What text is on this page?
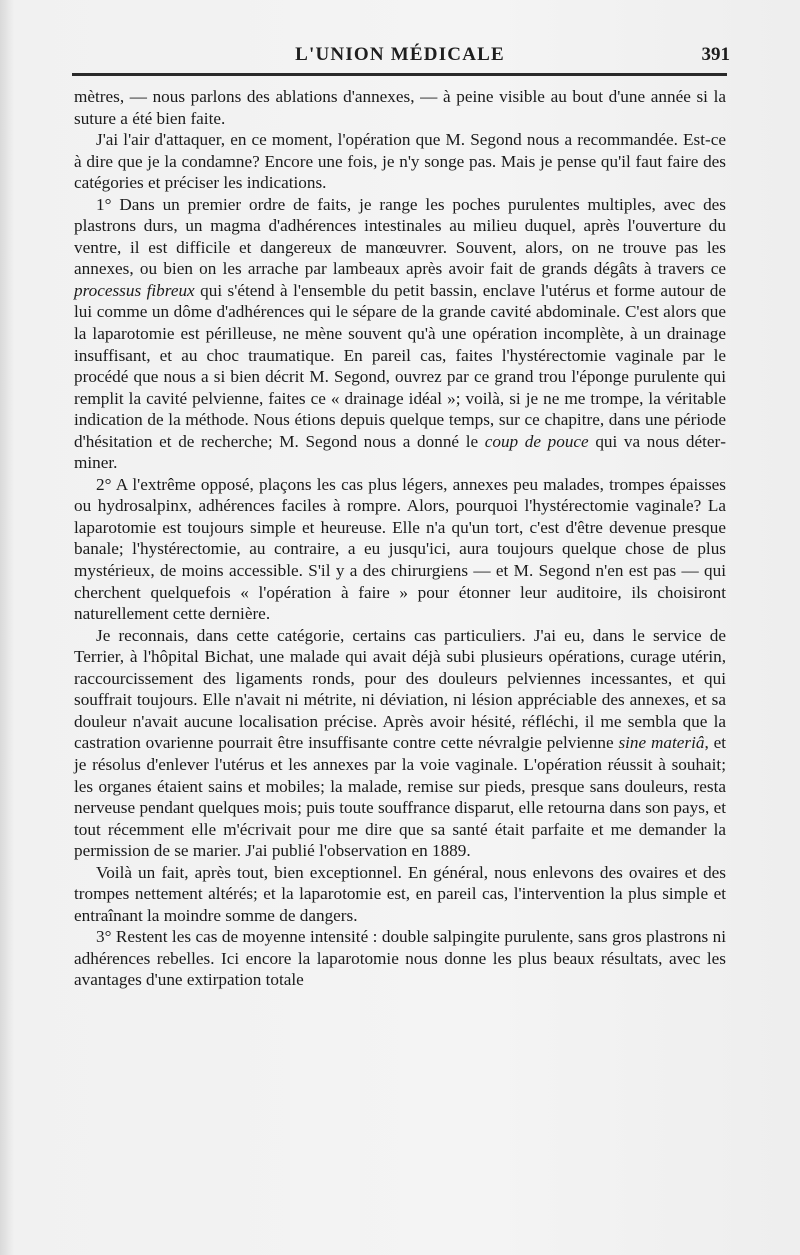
L'UNION MÉDICALE	391

mètres, — nous parlons des ablations d'annexes, — à peine visible au bout d'une année si la suture a été bien faite.

J'ai l'air d'attaquer, en ce moment, l'opération que M. Segond nous a recommandée. Est-ce à dire que je la condamne? Encore une fois, je n'y songe pas. Mais je pense qu'il faut faire des catégories et préciser les indications.

1° Dans un premier ordre de faits, je range les poches purulentes multiples, avec des plastrons durs, un magma d'adhérences intestinales au milieu duquel, après l'ouverture du ventre, il est difficile et dangereux de manœuvrer. Souvent, alors, on ne trouve pas les annexes, ou bien on les arrache par lambeaux après avoir fait de grands dégâts à travers ce processus fibreux qui s'étend à l'ensemble du petit bassin, enclave l'utérus et forme autour de lui comme un dôme d'adhérences qui le sépare de la grande cavité abdominale. C'est alors que la laparotomie est périlleuse, ne mène souvent qu'à une opération incomplète, à un drainage insuffisant, et au choc traumatique. En pareil cas, faites l'hystérectomie vaginale par le procédé que nous a si bien décrit M. Segond, ouvrez par ce grand trou l'éponge purulente qui remplit la cavité pelvienne, faites ce « drainage idéal »; voilà, si je ne me trompe, la véritable indication de la méthode. Nous étions depuis quelque temps, sur ce chapitre, dans une période d'hésitation et de recherche; M. Segond nous a donné le coup de pouce qui va nous déterminer.

2° A l'extrême opposé, plaçons les cas plus légers, annexes peu malades, trompes épaisses ou hydrosalpinx, adhérences faciles à rompre. Alors, pourquoi l'hystérectomie vaginale? La laparotomie est toujours simple et heureuse. Elle n'a qu'un tort, c'est d'être devenue presque banale; l'hystérectomie, au contraire, a eu jusqu'ici, aura toujours quelque chose de plus mystérieux, de moins accessible. S'il y a des chirurgiens — et M. Segond n'en est pas — qui cherchent quelquefois « l'opération à faire » pour étonner leur auditoire, ils choisiront naturellement cette dernière.

Je reconnais, dans cette catégorie, certains cas particuliers. J'ai eu, dans le service de Terrier, à l'hôpital Bichat, une malade qui avait déjà subi plusieurs opérations, curage utérin, raccourcissement des ligaments ronds, pour des douleurs pelviennes incessantes, et qui souffrait toujours. Elle n'avait ni métrite, ni déviation, ni lésion appréciable des annexes, et sa douleur n'avait aucune localisation précise. Après avoir hésité, réfléchi, il me sembla que la castration ovarienne pourrait être insuffisante contre cette névralgie pelvienne sine materiâ, et je résolus d'enlever l'utérus et les annexes par la voie vaginale. L'opération réussit à souhait; les organes étaient sains et mobiles; la malade, remise sur pieds, presque sans douleurs, resta nerveuse pendant quelques mois; puis toute souffrance disparut, elle retourna dans son pays, et tout récemment elle m'écrivait pour me dire que sa santé était parfaite et me demander la permission de se marier. J'ai publié l'observation en 1889.

Voilà un fait, après tout, bien exceptionnel. En général, nous enlevons des ovaires et des trompes nettement altérés; et la laparotomie est, en pareil cas, l'intervention la plus simple et entraînant la moindre somme de dangers.

3° Restent les cas de moyenne intensité : double salpingite purulente, sans gros plastrons ni adhérences rebelles. Ici encore la laparotomie nous donne les plus beaux résultats, avec les avantages d'une extirpation totale
